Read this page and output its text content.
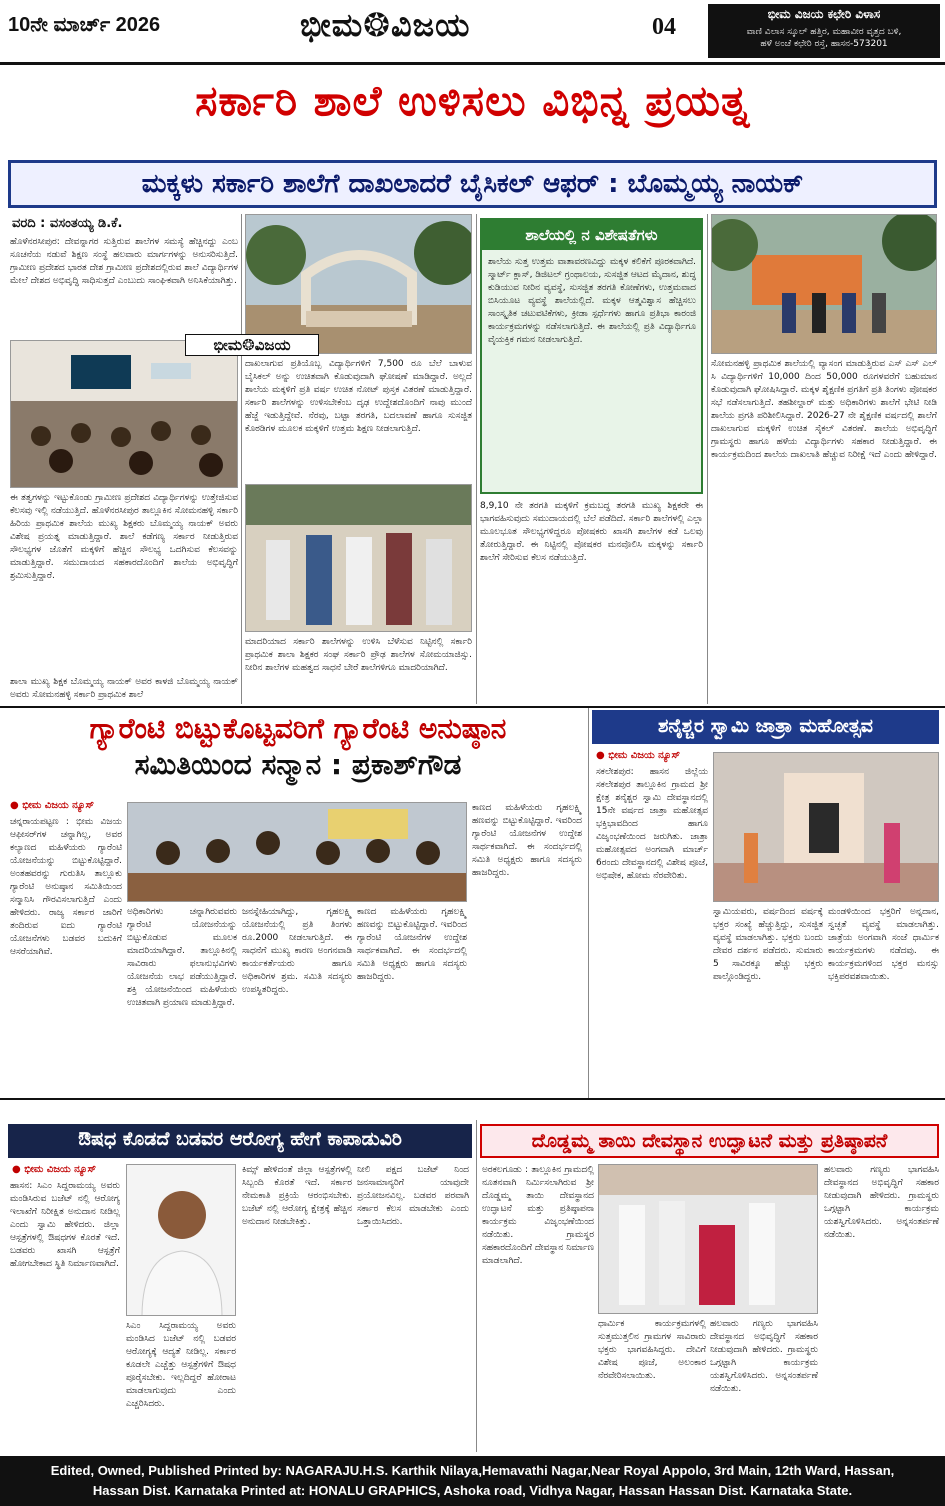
10ನೇ ಮಾರ್ಚ್ 2026	ಭೀಮ❂ವಿಜಯ	04	ಭೀಮ ವಿಜಯ ಕಛೇರಿ ವಿಳಾಸ
ವಾಣಿ ವಿಲಾಸ ಸ್ಕೂಲ್ ಹತ್ತಿರ, ಮಹಾವೀರ ವೃತ್ತದ ಬಳಿ,
ಹಳೆ ಅಂಚೆ ಕಛೇರಿ ರಸ್ತೆ, ಹಾಸನ-573201
ಸರ್ಕಾರಿ ಶಾಲೆ ಉಳಿಸಲು ವಿಭಿನ್ನ ಪ್ರಯತ್ನ
ಮಕ್ಕಳು ಸರ್ಕಾರಿ ಶಾಲೆಗೆ ದಾಖಲಾದರೆ ಬೈಸಿಕಲ್ ಆಫರ್ : ಬೊಮ್ಮಯ್ಯ ನಾಯಕ್
ವರದಿ : ವಸಂತಯ್ಯ ಡಿ.ಕೆ.
ಹೊಳೆನರಸೀಪುರ: ದೇವನ್ನಾಗರ ಸುತ್ತಿರುವ ಶಾಲೆಗಳ ಸಮಸ್ಯೆ ಹೆಚ್ಚಿನದ್ದು ಎಂಬ ಸೂಚನೆಯ ನಡುವೆ ಶಿಕ್ಷಣ ಸಂಸ್ಥೆ ಹಲವಾರು ಮಾರ್ಗಗಳನ್ನು ಅನುಸರಿಸುತ್ತಿದೆ. ಗ್ರಾಮೀಣ ಪ್ರದೇಶದ ಭಾರತ ದೇಶ ಗ್ರಾಮೀಣ ಪ್ರದೇಶದಲ್ಲಿರುವ ಶಾಲೆ ವಿದ್ಯಾರ್ಥಿಗಳ ಮೇಲೆ ದೇಶದ ಅಭಿವೃದ್ಧಿ ಸಾಧಿಸುತ್ತದೆ ಎಂಬುದು ಸಾಂಘಿಕವಾಗಿ ಅನಿಸಿಕೆಯಾಗಿತ್ತು.
ಈ ತತ್ವಗಳನ್ನು ಇಟ್ಟುಕೊಂಡು ಗ್ರಾಮೀಣ ಪ್ರದೇಶದ ವಿದ್ಯಾರ್ಥಿಗಳನ್ನು ಉತ್ತೇಜಿಸುವ ಕೆಲಸವು ಇಲ್ಲಿ ನಡೆಯುತ್ತಿದೆ. ಹೊಳೆನರಸೀಪುರ ತಾಲ್ಲೂಕಿನ ಸೋಮನಹಳ್ಳಿ ಸರ್ಕಾರಿ ಹಿರಿಯ ಪ್ರಾಥಮಿಕ ಶಾಲೆಯ ಮುಖ್ಯ ಶಿಕ್ಷಕರು ಬೊಮ್ಮಯ್ಯ ನಾಯಕ್ ಅವರು ವಿಶೇಷ ಪ್ರಯತ್ನ ಮಾಡುತ್ತಿದ್ದಾರೆ. ಶಾಲೆ ಕಡೆಗಣ್ಯ ಸರ್ಕಾರ ನೀಡುತ್ತಿರುವ ಸೌಲಭ್ಯಗಳ ಜೊತೆಗೆ ಮಕ್ಕಳಿಗೆ ಹೆಚ್ಚಿನ ಸೌಲಭ್ಯ ಒದಗಿಸುವ ಕೆಲಸವನ್ನು ಮಾಡುತ್ತಿದ್ದಾರೆ. ಸಮುದಾಯದ ಸಹಕಾರದೊಂದಿಗೆ ಶಾಲೆಯ ಅಭಿವೃದ್ಧಿಗೆ ಶ್ರಮಿಸುತ್ತಿದ್ದಾರೆ.
ಶಾಲಾ ಮುಖ್ಯ ಶಿಕ್ಷಕ ಬೊಮ್ಮಯ್ಯ ನಾಯಕ್ ಅವರ ಕಾಳಜಿ ಬೊಮ್ಮಯ್ಯ ನಾಯಕ್ ಅವರು ಸೋಮನಹಳ್ಳಿ ಸರ್ಕಾರಿ ಪ್ರಾಥಮಿಕ ಶಾಲೆ
ಭೀಮ❂ವಿಜಯ
ದಾಖಲಾಗುವ ಪ್ರತಿಯೊಬ್ಬ ವಿದ್ಯಾರ್ಥಿಗಳಿಗೆ 7,500 ರೂ ಬೆಲೆ ಬಾಳುವ ಬೈಸಿಕಲ್ ಅನ್ನು ಉಚಿತವಾಗಿ ಕೊಡುವುದಾಗಿ ಘೋಷಣೆ ಮಾಡಿದ್ದಾರೆ. ಅಲ್ಲದೆ ಶಾಲೆಯ ಮಕ್ಕಳಿಗೆ ಪ್ರತಿ ವರ್ಷ ಉಚಿತ ನೋಟ್ ಪುಸ್ತಕ ವಿತರಣೆ ಮಾಡುತ್ತಿದ್ದಾರೆ. ಸರ್ಕಾರಿ ಶಾಲೆಗಳನ್ನು ಉಳಿಸಬೇಕೆಂಬ ದೃಢ ಉದ್ದೇಶದೊಂದಿಗೆ ನಾವು ಮುಂದೆ ಹೆಜ್ಜೆ ಇಡುತ್ತಿದ್ದೇವೆ. ನೆರವು, ಬಟ್ಟಾ ತರಗತಿ, ಬದಲಾವಣೆ ಹಾಗೂ ಸುಸಜ್ಜಿತ ಕೊಠಡಿಗಳ ಮೂಲಕ ಮಕ್ಕಳಿಗೆ ಉತ್ತಮ ಶಿಕ್ಷಣ ನೀಡಲಾಗುತ್ತಿದೆ.
ಮಾದರಿಯಾದ ಸರ್ಕಾರಿ ಶಾಲೆಗಳನ್ನು ಉಳಿಸಿ ಬೆಳೆಸುವ ನಿಟ್ಟಿನಲ್ಲಿ ಸರ್ಕಾರಿ ಪ್ರಾಥಮಿಕ ಶಾಲಾ ಶಿಕ್ಷಕರ ಸಂಘ ಸರ್ಕಾರಿ ಪ್ರೌಢ ಶಾಲೆಗಳ ಸೋಮಯಾಜಿಸ್ಸು. ನೀರಿನ ಶಾಲೆಗಳ ಮಹತ್ವದ ಸಾಧನೆ ಬೇರೆ ಶಾಲೆಗಳಿಗೂ ಮಾದರಿಯಾಗಿದೆ.
ಶಾಲೆಯಲ್ಲಿ ನ ವಿಶೇಷತೆಗಳು
ಶಾಲೆಯ ಸುತ್ತ ಉತ್ತಮ ವಾತಾವರಣವಿದ್ದು ಮಕ್ಕಳ ಕಲಿಕೆಗೆ ಪೂರಕವಾಗಿದೆ. ಸ್ಮಾರ್ಟ್ ಕ್ಲಾಸ್, ಡಿಜಿಟಲ್ ಗ್ರಂಥಾಲಯ, ಸುಸಜ್ಜಿತ ಆಟದ ಮೈದಾನ, ಶುದ್ಧ ಕುಡಿಯುವ ನೀರಿನ ವ್ಯವಸ್ಥೆ, ಸುಸಜ್ಜಿತ ತರಗತಿ ಕೋಣೆಗಳು, ಉತ್ತಮವಾದ ಬಿಸಿಯೂಟ ವ್ಯವಸ್ಥೆ ಶಾಲೆಯಲ್ಲಿದೆ. ಮಕ್ಕಳ ಆತ್ಮವಿಶ್ವಾಸ ಹೆಚ್ಚಿಸಲು ಸಾಂಸ್ಕೃತಿಕ ಚಟುವಟಿಕೆಗಳು, ಕ್ರೀಡಾ ಸ್ಪರ್ಧೆಗಳು ಹಾಗೂ ಪ್ರತಿಭಾ ಕಾರಂಜಿ ಕಾರ್ಯಕ್ರಮಗಳನ್ನು ನಡೆಸಲಾಗುತ್ತಿದೆ. ಈ ಶಾಲೆಯಲ್ಲಿ ಪ್ರತಿ ವಿದ್ಯಾರ್ಥಿಗೂ ವೈಯಕ್ತಿಕ ಗಮನ ನೀಡಲಾಗುತ್ತಿದೆ.
8,9,10 ನೇ ತರಗತಿ ಮಕ್ಕಳಿಗೆ ಕ್ರಮಬದ್ಧ ತರಗತಿ ಮುಖ್ಯ ಶಿಕ್ಷಕರೇ ಈ ಭಾಗವಹಿಸುವುದು ಸಮುದಾಯದಲ್ಲಿ ಬೆಲೆ ಪಡೆದಿದೆ. ಸರ್ಕಾರಿ ಶಾಲೆಗಳಲ್ಲಿ ಎಲ್ಲಾ ಮೂಲಭೂತ ಸೌಲಭ್ಯಗಳಿದ್ದರೂ ಪೋಷಕರು ಖಾಸಗಿ ಶಾಲೆಗಳ ಕಡೆ ಒಲವು ತೋರುತ್ತಿದ್ದಾರೆ. ಈ ನಿಟ್ಟಿನಲ್ಲಿ ಪೋಷಕರ ಮನವೊಲಿಸಿ ಮಕ್ಕಳನ್ನು ಸರ್ಕಾರಿ ಶಾಲೆಗೆ ಸೇರಿಸುವ ಕೆಲಸ ನಡೆಯುತ್ತಿದೆ.
ಸೋಮನಹಳ್ಳಿ ಪ್ರಾಥಮಿಕ ಶಾಲೆಯಲ್ಲಿ ವ್ಯಾಸಂಗ ಮಾಡುತ್ತಿರುವ ಎಸ್ ಎಸ್ ಎಲ್ ಸಿ ವಿದ್ಯಾರ್ಥಿಗಳಿಗೆ 10,000 ದಿಂದ 50,000 ರೂಗಳವರೆಗೆ ಬಹುಮಾನ ಕೊಡುವುದಾಗಿ ಘೋಷಿಸಿದ್ದಾರೆ. ಮಕ್ಕಳ ಶೈಕ್ಷಣಿಕ ಪ್ರಗತಿಗೆ ಪ್ರತಿ ತಿಂಗಳು ಪೋಷಕರ ಸಭೆ ನಡೆಸಲಾಗುತ್ತಿದೆ. ತಹಶೀಲ್ದಾರ್ ಮತ್ತು ಅಧಿಕಾರಿಗಳು ಶಾಲೆಗೆ ಭೇಟಿ ನೀಡಿ ಶಾಲೆಯ ಪ್ರಗತಿ ಪರಿಶೀಲಿಸಿದ್ದಾರೆ. 2026-27 ನೇ ಶೈಕ್ಷಣಿಕ ವರ್ಷದಲ್ಲಿ ಶಾಲೆಗೆ ದಾಖಲಾಗುವ ಮಕ್ಕಳಿಗೆ ಉಚಿತ ಸೈಕಲ್ ವಿತರಣೆ. ಶಾಲೆಯ ಅಭಿವೃದ್ಧಿಗೆ ಗ್ರಾಮಸ್ಥರು ಹಾಗೂ ಹಳೆಯ ವಿದ್ಯಾರ್ಥಿಗಳು ಸಹಕಾರ ನೀಡುತ್ತಿದ್ದಾರೆ. ಈ ಕಾರ್ಯಕ್ರಮದಿಂದ ಶಾಲೆಯ ದಾಖಲಾತಿ ಹೆಚ್ಚುವ ನಿರೀಕ್ಷೆ ಇದೆ ಎಂದು ಹೇಳಿದ್ದಾರೆ.
ಗ್ಯಾರೆಂಟಿ ಬಿಟ್ಟುಕೊಟ್ಟವರಿಗೆ ಗ್ಯಾರೆಂಟಿ ಅನುಷ್ಠಾನ
ಸಮಿತಿಯಿಂದ ಸನ್ಮಾನ : ಪ್ರಕಾಶ್‌ಗೌಡ
● ಭೀಮ ವಿಜಯ ನ್ಯೂಸ್
ಚನ್ನರಾಯಪಟ್ಟಣ : ಭೀಮ ವಿಜಯ ಆಫೀಸರ್‌ಗಳ ಚನ್ನಾಗಿಲ್ಲ, ಅವರ ಕಲ್ಯಾಣದ ಮಹಿಳೆಯರು ಗ್ಯಾರೆಂಟಿ ಯೋಜನೆಯನ್ನು ಬಿಟ್ಟುಕೊಟ್ಟಿದ್ದಾರೆ. ಅಂತಹವರನ್ನು ಗುರುತಿಸಿ ತಾಲ್ಲೂಕು ಗ್ಯಾರೆಂಟಿ ಅನುಷ್ಠಾನ ಸಮಿತಿಯಿಂದ ಸನ್ಮಾನಿಸಿ ಗೌರವಿಸಲಾಗುತ್ತಿದೆ ಎಂದು ಹೇಳಿದರು. ರಾಜ್ಯ ಸರ್ಕಾರ ಜಾರಿಗೆ ತಂದಿರುವ ಐದು ಗ್ಯಾರೆಂಟಿ ಯೋಜನೆಗಳು ಬಡವರ ಬದುಕಿಗೆ ಆಸರೆಯಾಗಿವೆ.
ಅಧಿಕಾರಿಗಳು ಚನ್ನಾಗಿರುವವರು ಗ್ಯಾರೆಂಟಿ ಯೋಜನೆಯನ್ನು ಬಿಟ್ಟುಕೊಡುವ ಮೂಲಕ ಮಾದರಿಯಾಗಿದ್ದಾರೆ. ತಾಲ್ಲೂಕಿನಲ್ಲಿ ಸಾವಿರಾರು ಫಲಾನುಭವಿಗಳು ಯೋಜನೆಯ ಲಾಭ ಪಡೆಯುತ್ತಿದ್ದಾರೆ. ಶಕ್ತಿ ಯೋಜನೆಯಿಂದ ಮಹಿಳೆಯರು ಉಚಿತವಾಗಿ ಪ್ರಯಾಣ ಮಾಡುತ್ತಿದ್ದಾರೆ.
ಜನಸ್ನೇಹಿಯಾಗಿದ್ದು, ಗೃಹಲಕ್ಷ್ಮಿ ಯೋಜನೆಯಲ್ಲಿ ಪ್ರತಿ ತಿಂಗಳು ರೂ.2000 ನೀಡಲಾಗುತ್ತಿದೆ. ಈ ಸಾಧನೆಗೆ ಮುಖ್ಯ ಕಾರಣ ಅಂಗನವಾಡಿ ಕಾರ್ಯಕರ್ತೆಯರು ಹಾಗೂ ಅಧಿಕಾರಿಗಳ ಶ್ರಮ. ಸಮಿತಿ ಸದಸ್ಯರು ಉಪಸ್ಥಿತರಿದ್ದರು.
ಕಾಣದ ಮಹಿಳೆಯರು ಗೃಹಲಕ್ಷ್ಮಿ ಹಣವನ್ನು ಬಿಟ್ಟುಕೊಟ್ಟಿದ್ದಾರೆ. ಇವರಿಂದ ಗ್ಯಾರೆಂಟಿ ಯೋಜನೆಗಳ ಉದ್ದೇಶ ಸಾರ್ಥಕವಾಗಿದೆ. ಈ ಸಂದರ್ಭದಲ್ಲಿ ಸಮಿತಿ ಅಧ್ಯಕ್ಷರು ಹಾಗೂ ಸದಸ್ಯರು ಹಾಜರಿದ್ದರು.
ಕಾಣದ ಮಹಿಳೆಯರು ಗೃಹಲಕ್ಷ್ಮಿ ಹಣವನ್ನು ಬಿಟ್ಟುಕೊಟ್ಟಿದ್ದಾರೆ. ಇವರಿಂದ ಗ್ಯಾರೆಂಟಿ ಯೋಜನೆಗಳ ಉದ್ದೇಶ ಸಾರ್ಥಕವಾಗಿದೆ. ಈ ಸಂದರ್ಭದಲ್ಲಿ ಸಮಿತಿ ಅಧ್ಯಕ್ಷರು ಹಾಗೂ ಸದಸ್ಯರು ಹಾಜರಿದ್ದರು.
ಶನೈಶ್ಚರ ಸ್ವಾಮಿ ಜಾತ್ರಾ ಮಹೋತ್ಸವ
● ಭೀಮ ವಿಜಯ ನ್ಯೂಸ್
ಸಕಲೇಶಪುರ: ಹಾಸನ ಜಿಲ್ಲೆಯ ಸಕಲೇಶಪುರ ತಾಲ್ಲೂಕಿನ ಗ್ರಾಮದ ಶ್ರೀ ಕ್ಷೇತ್ರ ಶನೈಶ್ಚರ ಸ್ವಾಮಿ ದೇವಸ್ಥಾನದಲ್ಲಿ 15ನೇ ವರ್ಷದ ಜಾತ್ರಾ ಮಹೋತ್ಸವ ಭಕ್ತಿಭಾವದಿಂದ ಹಾಗೂ ವಿಜೃಂಭಣೆಯಿಂದ ಜರುಗಿತು. ಜಾತ್ರಾ ಮಹೋತ್ಸವದ ಅಂಗವಾಗಿ ಮಾರ್ಚ್ 6ರಂದು ದೇವಸ್ಥಾನದಲ್ಲಿ ವಿಶೇಷ ಪೂಜೆ, ಅಭಿಷೇಕ, ಹೋಮ ನೆರವೇರಿತು.
ಸ್ವಾಮಿಯವರು, ವರ್ಷದಿಂದ ವರ್ಷಕ್ಕೆ ಭಕ್ತರ ಸಂಖ್ಯೆ ಹೆಚ್ಚುತ್ತಿದ್ದು, ಸುಸಜ್ಜಿತ ವ್ಯವಸ್ಥೆ ಮಾಡಲಾಗಿತ್ತು. ಭಕ್ತರು ಬಂದು ದೇವರ ದರ್ಶನ ಪಡೆದರು. ಸುಮಾರು 5 ಸಾವಿರಕ್ಕೂ ಹೆಚ್ಚು ಭಕ್ತರು ಪಾಲ್ಗೊಂಡಿದ್ದರು.
ಮಂಡಳಿಯಿಂದ ಭಕ್ತರಿಗೆ ಅನ್ನದಾನ, ಸ್ವಚ್ಛತೆ ವ್ಯವಸ್ಥೆ ಮಾಡಲಾಗಿತ್ತು. ಜಾತ್ರೆಯ ಅಂಗವಾಗಿ ಸಂಜೆ ಧಾರ್ಮಿಕ ಕಾರ್ಯಕ್ರಮಗಳು ನಡೆದವು. ಈ ಕಾರ್ಯಕ್ರಮಗಳಿಂದ ಭಕ್ತರ ಮನಸ್ಸು ಭಕ್ತಿಪರವಶವಾಯಿತು.
ಔಷಧ ಕೊಡದೆ ಬಡವರ ಆರೋಗ್ಯ ಹೇಗೆ ಕಾಪಾಡುವಿರಿ
● ಭೀಮ ವಿಜಯ ನ್ಯೂಸ್
ಹಾಸನ: ಸಿಎಂ ಸಿದ್ದರಾಮಯ್ಯ ಅವರು ಮಂಡಿಸಿರುವ ಬಜೆಟ್ ನಲ್ಲಿ ಆರೋಗ್ಯ ಇಲಾಖೆಗೆ ನಿರೀಕ್ಷಿತ ಅನುದಾನ ನೀಡಿಲ್ಲ ಎಂದು ಸ್ವಾಮಿ ಹೇಳಿದರು. ಜಿಲ್ಲಾ ಆಸ್ಪತ್ರೆಗಳಲ್ಲಿ ಔಷಧಗಳ ಕೊರತೆ ಇದೆ. ಬಡವರು ಖಾಸಗಿ ಆಸ್ಪತ್ರೆಗೆ ಹೋಗಬೇಕಾದ ಸ್ಥಿತಿ ನಿರ್ಮಾಣವಾಗಿದೆ.
ಸಿಎಂ ಸಿದ್ದರಾಮಯ್ಯ ಅವರು ಮಂಡಿಸಿದ ಬಜೆಟ್ ನಲ್ಲಿ ಬಡವರ ಆರೋಗ್ಯಕ್ಕೆ ಆದ್ಯತೆ ನೀಡಿಲ್ಲ. ಸರ್ಕಾರ ಕೂಡಲೇ ಎಚ್ಚೆತ್ತು ಆಸ್ಪತ್ರೆಗಳಿಗೆ ಔಷಧ ಪೂರೈಸಬೇಕು. ಇಲ್ಲದಿದ್ದರೆ ಹೋರಾಟ ಮಾಡಲಾಗುವುದು ಎಂದು ಎಚ್ಚರಿಸಿದರು.
ಕಿಮ್ಸ್ ಹೇಳಿದಂತೆ ಜಿಲ್ಲಾ ಆಸ್ಪತ್ರೆಗಳಲ್ಲಿ ಸಿಬ್ಬಂದಿ ಕೊರತೆ ಇದೆ. ಸರ್ಕಾರ ನೇಮಕಾತಿ ಪ್ರಕ್ರಿಯೆ ಆರಂಭಿಸಬೇಕು. ಬಜೆಟ್ ನಲ್ಲಿ ಆರೋಗ್ಯ ಕ್ಷೇತ್ರಕ್ಕೆ ಹೆಚ್ಚಿನ ಅನುದಾನ ನೀಡಬೇಕಿತ್ತು.
ನೀಲಿ ಪಕ್ಷದ ಬಜೆಟ್ ನಿಂದ ಜನಸಾಮಾನ್ಯರಿಗೆ ಯಾವುದೇ ಪ್ರಯೋಜನವಿಲ್ಲ. ಬಡವರ ಪರವಾಗಿ ಸರ್ಕಾರ ಕೆಲಸ ಮಾಡಬೇಕು ಎಂದು ಒತ್ತಾಯಿಸಿದರು.
ದೊಡ್ಡಮ್ಮ ತಾಯಿ ದೇವಸ್ಥಾನ ಉದ್ಘಾಟನೆ ಮತ್ತು ಪ್ರತಿಷ್ಠಾಪನೆ
ಅರಕಲಗೂಡು : ತಾಲ್ಲೂಕಿನ ಗ್ರಾಮದಲ್ಲಿ ನೂತನವಾಗಿ ನಿರ್ಮಿಸಲಾಗಿರುವ ಶ್ರೀ ದೊಡ್ಡಮ್ಮ ತಾಯಿ ದೇವಸ್ಥಾನದ ಉದ್ಘಾಟನೆ ಮತ್ತು ಪ್ರತಿಷ್ಠಾಪನಾ ಕಾರ್ಯಕ್ರಮ ವಿಜೃಂಭಣೆಯಿಂದ ನಡೆಯಿತು. ಗ್ರಾಮಸ್ಥರ ಸಹಕಾರದೊಂದಿಗೆ ದೇವಸ್ಥಾನ ನಿರ್ಮಾಣ ಮಾಡಲಾಗಿದೆ.
ಧಾರ್ಮಿಕ ಕಾರ್ಯಕ್ರಮಗಳಲ್ಲಿ ಸುತ್ತಮುತ್ತಲಿನ ಗ್ರಾಮಗಳ ಸಾವಿರಾರು ಭಕ್ತರು ಭಾಗವಹಿಸಿದ್ದರು. ದೇವಿಗೆ ವಿಶೇಷ ಪೂಜೆ, ಅಲಂಕಾರ ನೆರವೇರಿಸಲಾಯಿತು.
ಹಲವಾರು ಗಣ್ಯರು ಭಾಗವಹಿಸಿ ದೇವಸ್ಥಾನದ ಅಭಿವೃದ್ಧಿಗೆ ಸಹಕಾರ ನೀಡುವುದಾಗಿ ಹೇಳಿದರು. ಗ್ರಾಮಸ್ಥರು ಒಗ್ಗಟ್ಟಾಗಿ ಕಾರ್ಯಕ್ರಮ ಯಶಸ್ವಿಗೊಳಿಸಿದರು. ಅನ್ನಸಂತರ್ಪಣೆ ನಡೆಯಿತು.
ಹಲವಾರು ಗಣ್ಯರು ಭಾಗವಹಿಸಿ ದೇವಸ್ಥಾನದ ಅಭಿವೃದ್ಧಿಗೆ ಸಹಕಾರ ನೀಡುವುದಾಗಿ ಹೇಳಿದರು. ಗ್ರಾಮಸ್ಥರು ಒಗ್ಗಟ್ಟಾಗಿ ಕಾರ್ಯಕ್ರಮ ಯಶಸ್ವಿಗೊಳಿಸಿದರು. ಅನ್ನಸಂತರ್ಪಣೆ ನಡೆಯಿತು.
Edited, Owned, Published Printed by: NAGARAJU.H.S. Karthik Nilaya,Hemavathi Nagar,Near Royal Appolo, 3rd Main, 12th Ward, Hassan,
Hassan Dist. Karnataka Printed at: HONALU GRAPHICS, Ashoka road, Vidhya Nagar, Hassan Hassan Dist. Karnataka State.
